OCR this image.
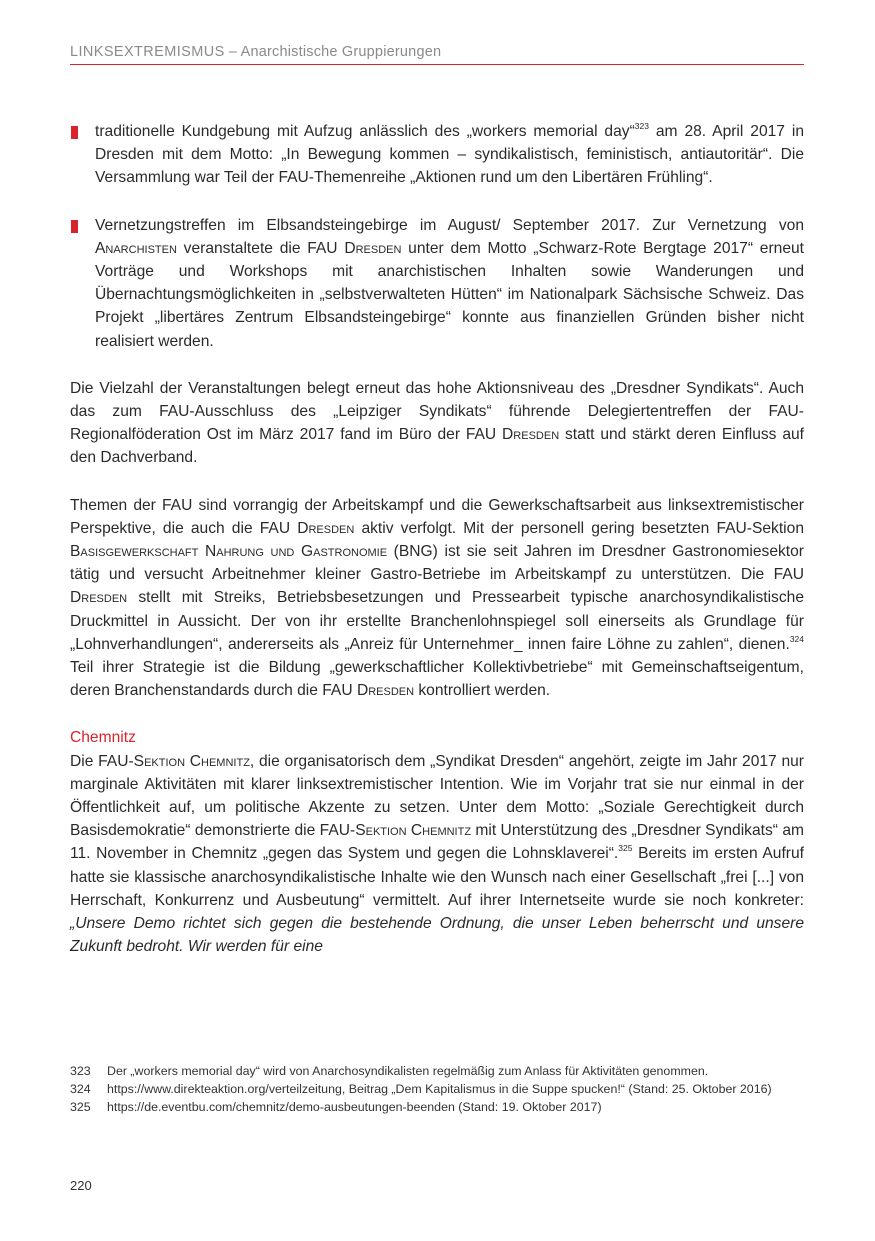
LINKSEXTREMISMUS – Anarchistische Gruppierungen

traditionelle Kundgebung mit Aufzug anlässlich des „workers memorial day“$^{323}$ am 28. April 2017 in Dresden mit dem Motto: „In Bewegung kommen – syndikalistisch, feministisch, antiautoritär“. Die Versammlung war Teil der FAU-Themenreihe „Aktionen rund um den Libertären Frühling“.

Vernetzungstreffen im Elbsandsteingebirge im August/ September 2017. Zur Vernetzung von Anarchisten veranstaltete die FAU Dresden unter dem Motto „Schwarz-Rote Bergtage 2017“ erneut Vorträge und Workshops mit anarchistischen Inhalten sowie Wanderungen und Übernachtungsmöglichkeiten in „selbstverwalteten Hütten“ im Nationalpark Sächsische Schweiz. Das Projekt „libertäres Zentrum Elbsandsteingebirge“ konnte aus finanziellen Gründen bisher nicht realisiert werden.

Die Vielzahl der Veranstaltungen belegt erneut das hohe Aktionsniveau des „Dresdner Syndikats“. Auch das zum FAU-Ausschluss des „Leipziger Syndikats“ führende Delegiertentreffen der FAU-Regionalföderation Ost im März 2017 fand im Büro der FAU Dresden statt und stärkt deren Einfluss auf den Dachverband.

Themen der FAU sind vorrangig der Arbeitskampf und die Gewerkschaftsarbeit aus linksextremistischer Perspektive, die auch die FAU Dresden aktiv verfolgt. Mit der personell gering besetzten FAU-Sektion Basisgewerkschaft Nahrung und Gastronomie (BNG) ist sie seit Jahren im Dresdner Gastronomiesektor tätig und versucht Arbeitnehmer kleiner Gastro-Betriebe im Arbeitskampf zu unterstützen. Die FAU Dresden stellt mit Streiks, Betriebsbesetzungen und Pressearbeit typische anarchosyndikalistische Druckmittel in Aussicht. Der von ihr erstellte Branchenlohnspiegel soll einerseits als Grundlage für „Lohnverhandlungen“, andererseits als „Anreiz für Unternehmer_ innen faire Löhne zu zahlen“, dienen.$^{324}$ Teil ihrer Strategie ist die Bildung „gewerkschaftlicher Kollektivbetriebe“ mit Gemeinschaftseigentum, deren Branchenstandards durch die FAU Dresden kontrolliert werden.

Chemnitz

Die FAU-Sektion Chemnitz, die organisatorisch dem „Syndikat Dresden“ angehört, zeigte im Jahr 2017 nur marginale Aktivitäten mit klarer linksextremistischer Intention. Wie im Vorjahr trat sie nur einmal in der Öffentlichkeit auf, um politische Akzente zu setzen. Unter dem Motto: „Soziale Gerechtigkeit durch Basisdemokratie“ demonstrierte die FAU-Sektion Chemnitz mit Unterstützung des „Dresdner Syndikats“ am 11. November in Chemnitz „gegen das System und gegen die Lohnsklaverei“.$^{325}$ Bereits im ersten Aufruf hatte sie klassische anarchosyndikalistische Inhalte wie den Wunsch nach einer Gesellschaft „frei [...] von Herrschaft, Konkurrenz und Ausbeutung“ vermittelt. Auf ihrer Internetseite wurde sie noch konkreter: „Unsere Demo richtet sich gegen die bestehende Ordnung, die unser Leben beherrscht und unsere Zukunft bedroht. Wir werden für eine

323	Der „workers memorial day“ wird von Anarchosyndikalisten regelmäßig zum Anlass für Aktivitäten genommen.
324	https://www.direkteaktion.org/verteilzeitung, Beitrag „Dem Kapitalismus in die Suppe spucken!“ (Stand: 25. Oktober 2016)
325	https://de.eventbu.com/chemnitz/demo-ausbeutungen-beenden (Stand: 19. Oktober 2017)
220
